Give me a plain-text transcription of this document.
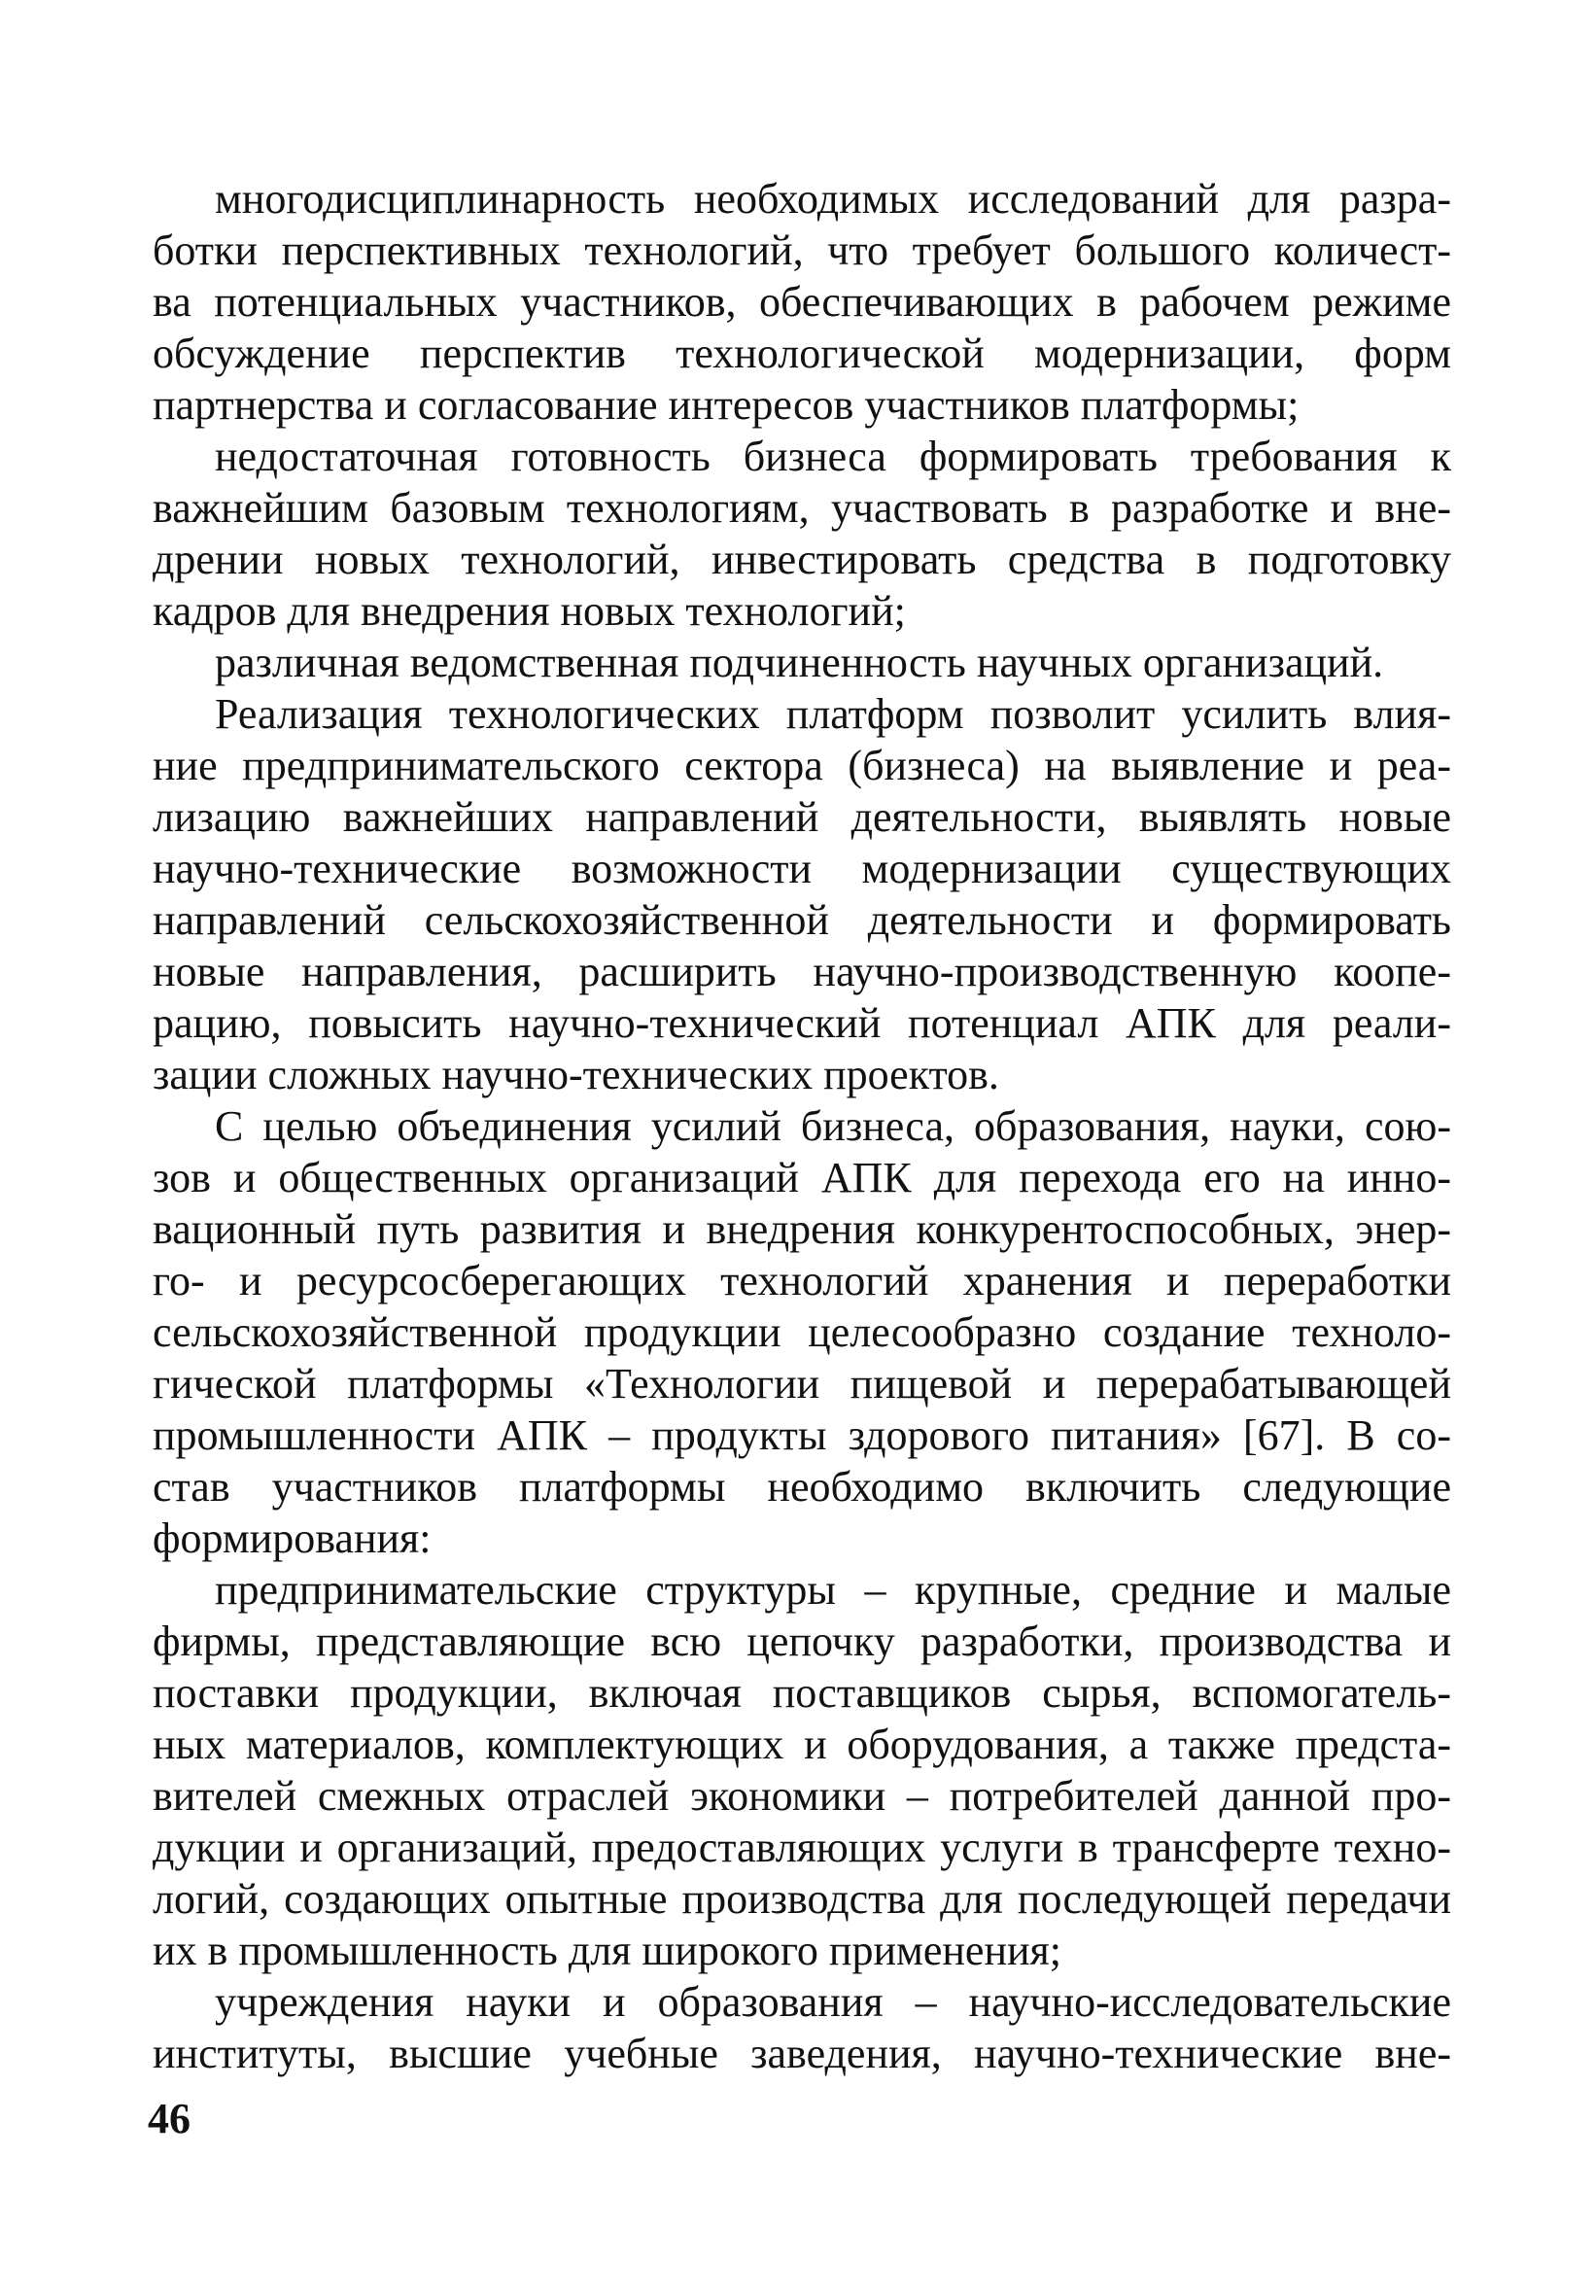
многодисциплинарность необходимых исследований для разра-
ботки перспективных технологий, что требует большого количест-
ва потенциальных участников, обеспечивающих в рабочем режиме
обсуждение перспектив технологической модернизации, форм
партнерства и согласование интересов участников платформы;
недостаточная готовность бизнеса формировать требования к
важнейшим базовым технологиям, участвовать в разработке и вне-
дрении новых технологий, инвестировать средства в подготовку
кадров для внедрения новых технологий;
различная ведомственная подчиненность научных организаций.
Реализация технологических платформ позволит усилить влия-
ние предпринимательского сектора (бизнеса) на выявление и реа-
лизацию важнейших направлений деятельности, выявлять новые
научно-технические возможности модернизации существующих
направлений сельскохозяйственной деятельности и формировать
новые направления, расширить научно-производственную коопе-
рацию, повысить научно-технический потенциал АПК для реали-
зации сложных научно-технических проектов.
С целью объединения усилий бизнеса, образования, науки, сою-
зов и общественных организаций АПК для перехода его на инно-
вационный путь развития и внедрения конкурентоспособных, энер-
го- и ресурсосберегающих технологий хранения и переработки
сельскохозяйственной продукции целесообразно создание техноло-
гической платформы «Технологии пищевой и перерабатывающей
промышленности АПК – продукты здорового питания» [67]. В со-
став участников платформы необходимо включить следующие
формирования:
предпринимательские структуры – крупные, средние и малые
фирмы, представляющие всю цепочку разработки, производства и
поставки продукции, включая поставщиков сырья, вспомогатель-
ных материалов, комплектующих и оборудования, а также предста-
вителей смежных отраслей экономики – потребителей данной про-
дукции и организаций, предоставляющих услуги в трансферте техно-
логий, создающих опытные производства для последующей передачи
их в промышленность для широкого применения;
учреждения науки и образования – научно-исследовательские
институты, высшие учебные заведения, научно-технические вне-
46
